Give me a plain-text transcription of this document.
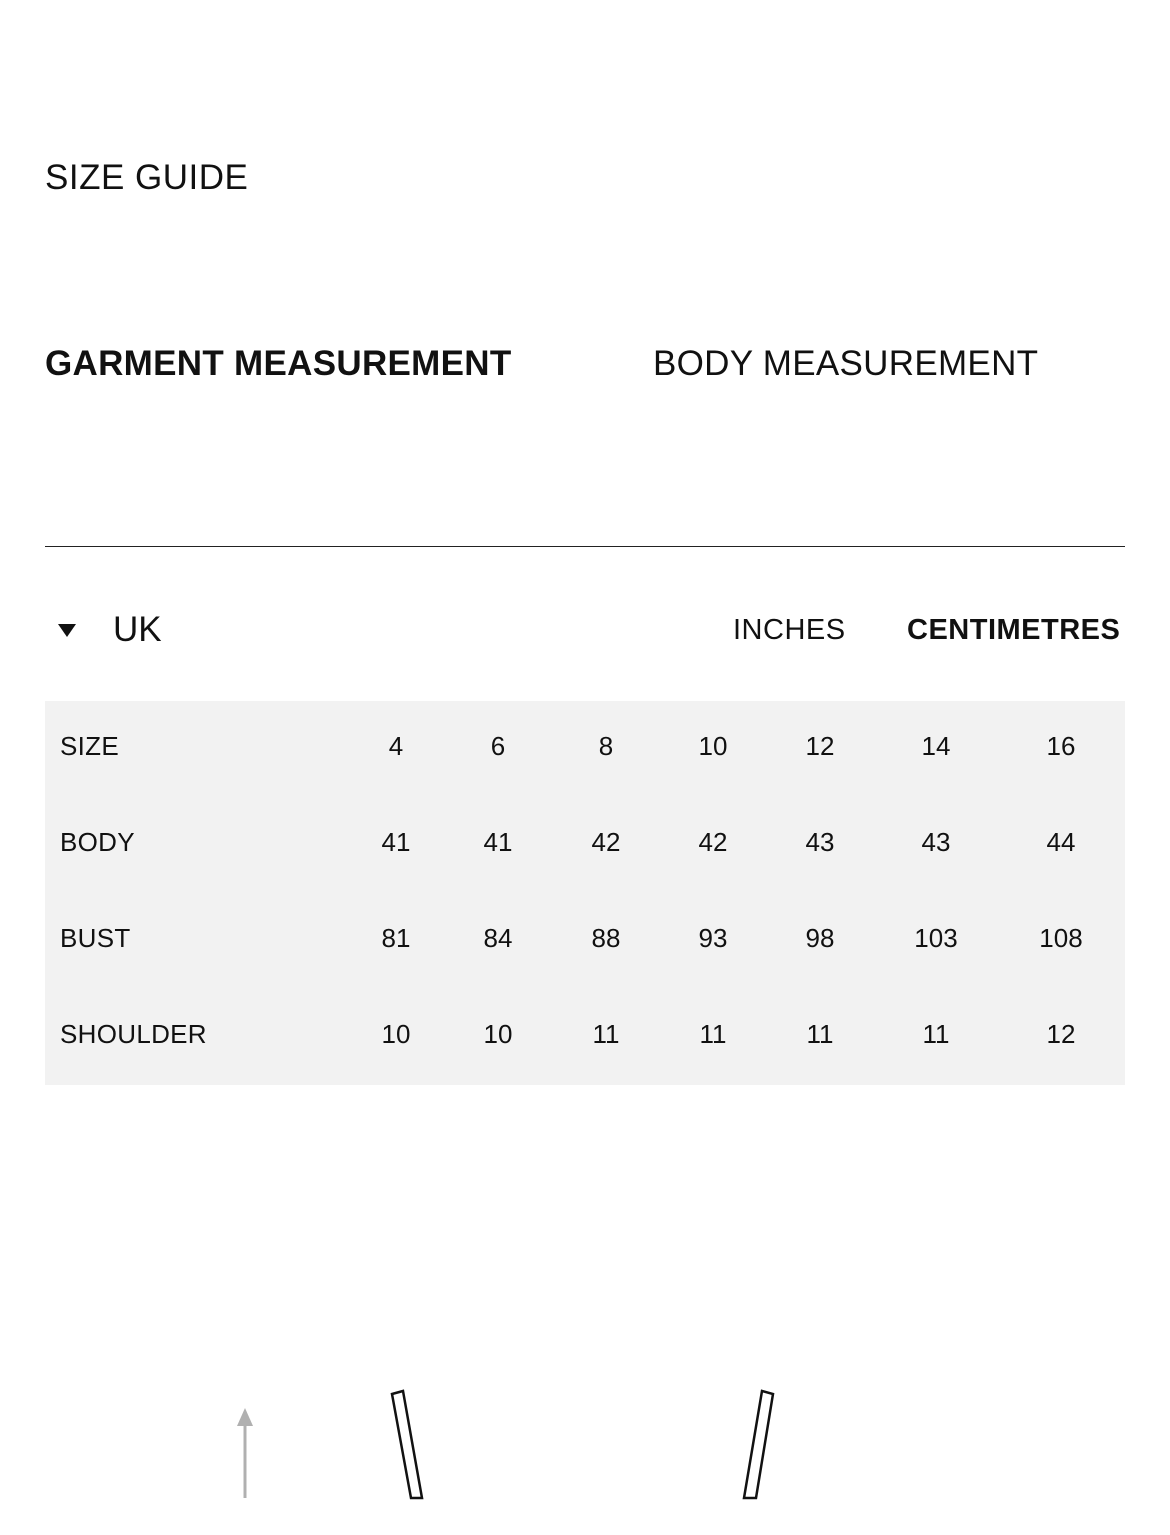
SIZE GUIDE
GARMENT MEASUREMENT	BODY MEASUREMENT
UK	INCHES CENTIMETRES
SIZE	4	6	8	10	12	14	16
BODY	41	41	42	42	43	43	44
BUST	81	84	88	93	98	103	108
SHOULDER	10	10	11	11	11	11	12
